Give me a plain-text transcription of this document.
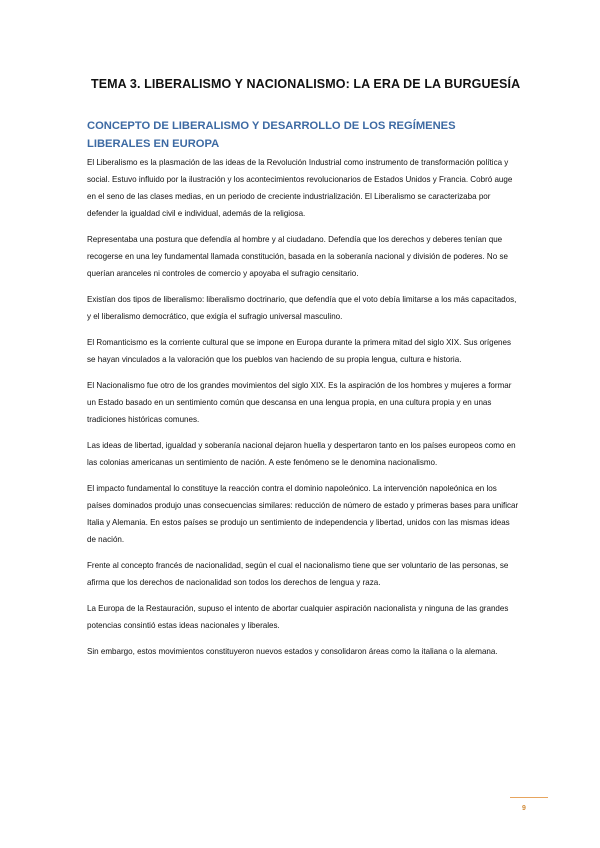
TEMA 3. LIBERALISMO Y NACIONALISMO: LA ERA DE LA BURGUESÍA
CONCEPTO DE LIBERALISMO Y DESARROLLO DE LOS REGÍMENES LIBERALES EN EUROPA

El Liberalismo es la plasmación de las ideas de la Revolución Industrial como instrumento de transformación política y social. Estuvo influido por la ilustración y los acontecimientos revolucionarios de Estados Unidos y Francia. Cobró auge en el seno de las clases medias, en un periodo de creciente industrialización. El Liberalismo se caracterizaba por defender la igualdad civil e individual, además de la religiosa.

Representaba una postura que defendía al hombre y al ciudadano. Defendía que los derechos y deberes tenían que recogerse en una ley fundamental llamada constitución, basada en la soberanía nacional y división de poderes. No se querían aranceles ni controles de comercio y apoyaba el sufragio censitario.

Existían dos tipos de liberalismo: liberalismo doctrinario, que defendía que el voto debía limitarse a los más capacitados, y el liberalismo democrático, que exigía el sufragio universal masculino.

El Romanticismo es la corriente cultural que se impone en Europa durante la primera mitad del siglo XIX. Sus orígenes se hayan vinculados a la valoración que los pueblos van haciendo de su propia lengua, cultura e historia.

El Nacionalismo fue otro de los grandes movimientos del siglo XIX. Es la aspiración de los hombres y mujeres a formar un Estado basado en un sentimiento común que descansa en una lengua propia, en una cultura propia y en unas tradiciones históricas comunes.

Las ideas de libertad, igualdad y soberanía nacional dejaron huella y despertaron tanto en los países europeos como en las colonias americanas un sentimiento de nación. A este fenómeno se le denomina nacionalismo.

El impacto fundamental lo constituye la reacción contra el dominio napoleónico. La intervención napoleónica en los países dominados produjo unas consecuencias similares: reducción de número de estado y primeras bases para unificar Italia y Alemania. En estos países se produjo un sentimiento de independencia y libertad, unidos con las mismas ideas de nación.

Frente al concepto francés de nacionalidad, según el cual el nacionalismo tiene que ser voluntario de las personas, se afirma que los derechos de nacionalidad son todos los derechos de lengua y raza.

La Europa de la Restauración, supuso el intento de abortar cualquier aspiración nacionalista y ninguna de las grandes potencias consintió estas ideas nacionales y liberales.

Sin embargo, estos movimientos constituyeron nuevos estados y consolidaron áreas como la italiana o la alemana.

9
